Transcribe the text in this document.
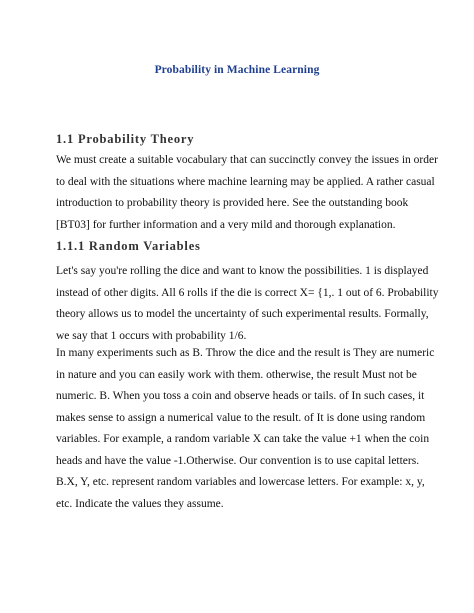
Probability in Machine Learning
1.1 Probability Theory
We must create a suitable vocabulary that can succinctly convey the issues in order
to deal with the situations where machine learning may be applied. A rather casual
introduction to probability theory is provided here. See the outstanding book
[BT03] for further information and a very mild and thorough explanation.
1.1.1 Random Variables
Let's say you're rolling the dice and want to know the possibilities. 1 is displayed
instead of other digits. All 6 rolls if the die is correct X= {1,. 1 out of 6. Probability
theory allows us to model the uncertainty of such experimental results. Formally,
we say that 1 occurs with probability 1/6.
In many experiments such as B. Throw the dice and the result is They are numeric
in nature and you can easily work with them. otherwise, the result Must not be
numeric. B. When you toss a coin and observe heads or tails. of In such cases, it
makes sense to assign a numerical value to the result. of It is done using random
variables. For example, a random variable X can take the value +1 when the coin
heads and have the value -1.Otherwise. Our convention is to use capital letters.
B.X, Y, etc. represent random variables and lowercase letters. For example: x, y,
etc. Indicate the values they assume.
